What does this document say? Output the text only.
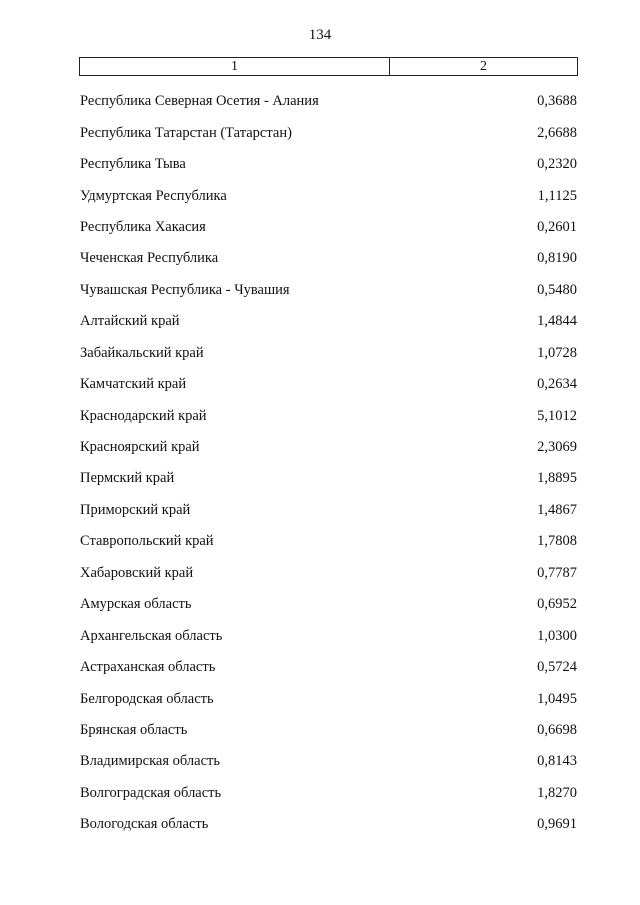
134
1	2
Республика Северная Осетия - Алания	0,3688
Республика Татарстан (Татарстан)	2,6688
Республика Тыва	0,2320
Удмуртская Республика	1,1125
Республика Хакасия	0,2601
Чеченская Республика	0,8190
Чувашская Республика - Чувашия	0,5480
Алтайский край	1,4844
Забайкальский край	1,0728
Камчатский край	0,2634
Краснодарский край	5,1012
Красноярский край	2,3069
Пермский край	1,8895
Приморский край	1,4867
Ставропольский край	1,7808
Хабаровский край	0,7787
Амурская область	0,6952
Архангельская область	1,0300
Астраханская область	0,5724
Белгородская область	1,0495
Брянская область	0,6698
Владимирская область	0,8143
Волгоградская область	1,8270
Вологодская область	0,9691
